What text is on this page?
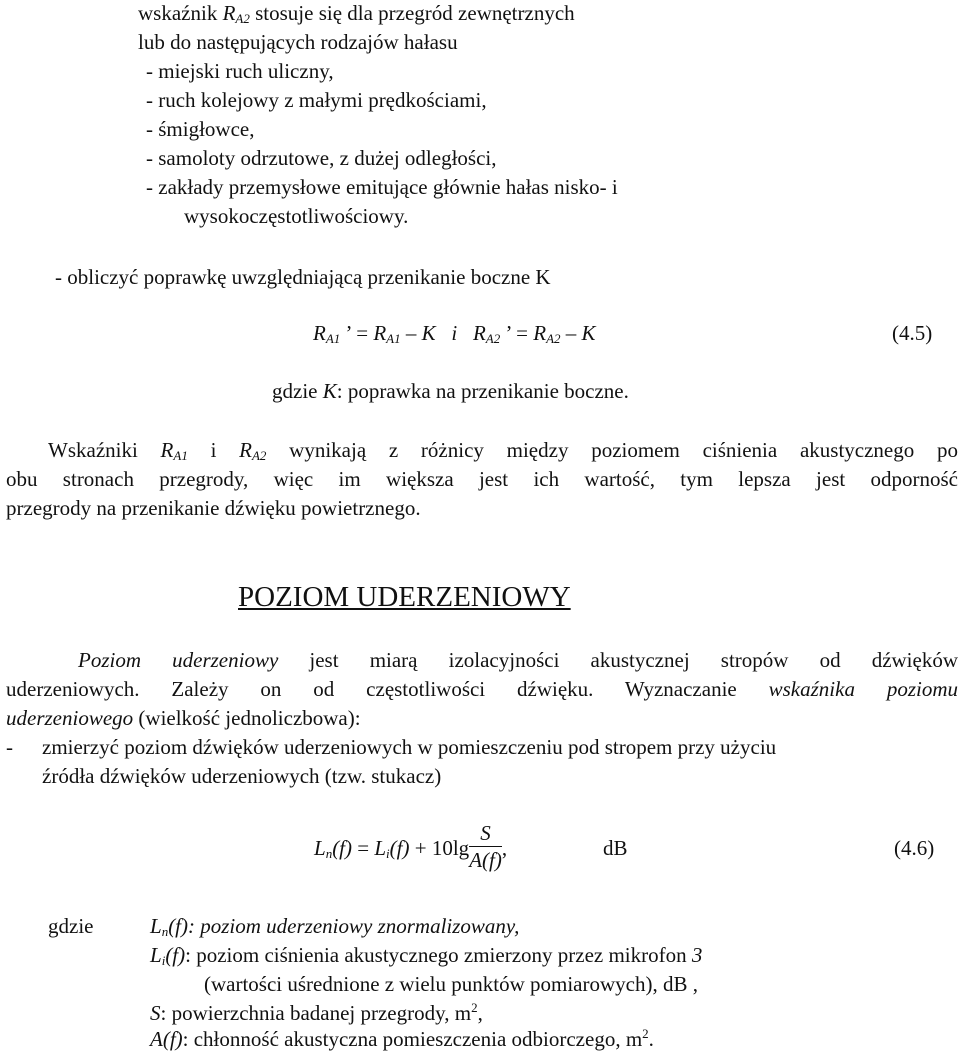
wskaźnik $R_{A2}$ stosuje się dla przegród zewnętrznych
lub do następujących rodzajów hałasu
- miejski ruch uliczny,
- ruch kolejowy z małymi prędkościami,
- śmigłowce,
- samoloty odrzutowe, z dużej odległości,
- zakłady przemysłowe emitujące głównie hałas nisko- i
wysokoczęstotliwościowy.
- obliczyć poprawkę uwzględniającą przenikanie boczne K
$R_{A1}$ ’ = $R_{A1}$ – K i $R_{A2}$ ’ = $R_{A2}$ – K	(4.5)
gdzie K: poprawka na przenikanie boczne.
Wskaźniki $R_{A1}$ i $R_{A2}$ wynikają z różnicy między poziomem ciśnienia akustycznego po
obu stronach przegrody, więc im większa jest ich wartość, tym lepsza jest odporność
przegrody na przenikanie dźwięku powietrznego.
POZIOM UDERZENIOWY
Poziom uderzeniowy jest miarą izolacyjności akustycznej stropów od dźwięków
uderzeniowych. Zależy on od częstotliwości dźwięku. Wyznaczanie wskaźnika poziomu
uderzeniowego (wielkość jednoliczbowa):
- zmierzyć poziom dźwięków uderzeniowych w pomieszczeniu pod stropem przy użyciu
źródła dźwięków uderzeniowych (tzw. stukacz)
$L_n(f) = L_i(f) + 10\lg \frac{S}{A(f)}$ ,	dB	(4.6)
gdzie	$L_n(f)$: poziom uderzeniowy znormalizowany,
$L_i(f)$: poziom ciśnienia akustycznego zmierzony przez mikrofon 3
(wartości uśrednione z wielu punktów pomiarowych), dB ,
S: powierzchnia badanej przegrody, $m^2$,
A(f): chłonność akustyczna pomieszczenia odbiorczego, $m^2$.
